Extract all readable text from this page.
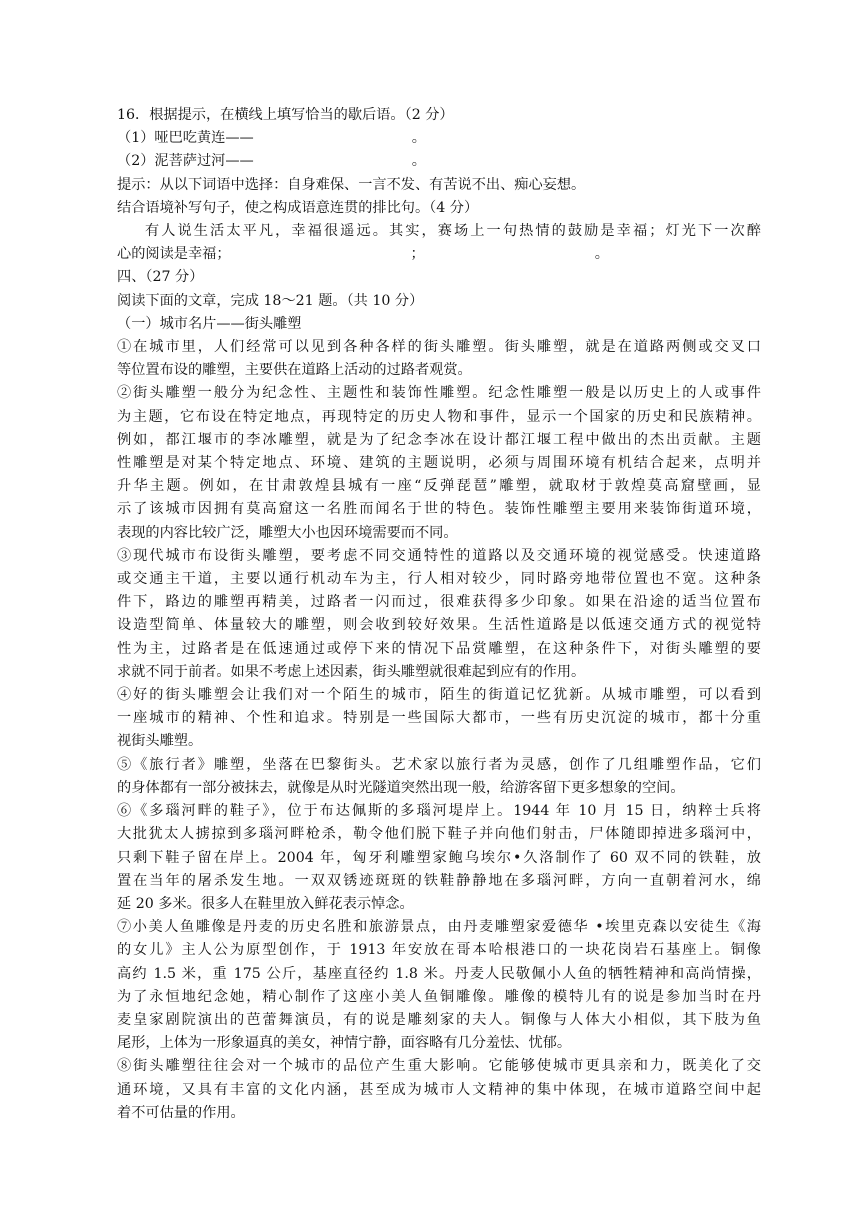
16．根据提示，在横线上填写恰当的歇后语。（2 分）
（1）哑巴吃黄连——	。
（2）泥菩萨过河——	。
提示：从以下词语中选择：自身难保、一言不发、有苦说不出、痴心妄想。
结合语境补写句子，使之构成语意连贯的排比句。（4 分）
有人说生活太平凡，幸福很遥远。其实，赛场上一句热情的鼓励是幸福；灯光下一次醉
心的阅读是幸福；	；	。
四、（27 分）
阅读下面的文章，完成 18～21 题。（共 10 分）
（一）城市名片——街头雕塑
①在城市里，人们经常可以见到各种各样的街头雕塑。街头雕塑，就是在道路两侧或交叉口
等位置布设的雕塑，主要供在道路上活动的过路者观赏。
②街头雕塑一般分为纪念性、主题性和装饰性雕塑。纪念性雕塑一般是以历史上的人或事件
为主题，它布设在特定地点，再现特定的历史人物和事件，显示一个国家的历史和民族精神。
例如，都江堰市的李冰雕塑，就是为了纪念李冰在设计都江堰工程中做出的杰出贡献。主题
性雕塑是对某个特定地点、环境、建筑的主题说明，必须与周围环境有机结合起来，点明并
升华主题。例如，在甘肃敦煌县城有一座“反弹琵琶”雕塑，就取材于敦煌莫高窟壁画，显
示了该城市因拥有莫高窟这一名胜而闻名于世的特色。装饰性雕塑主要用来装饰街道环境，
表现的内容比较广泛，雕塑大小也因环境需要而不同。
③现代城市布设街头雕塑，要考虑不同交通特性的道路以及交通环境的视觉感受。快速道路
或交通主干道，主要以通行机动车为主，行人相对较少，同时路旁地带位置也不宽。这种条
件下，路边的雕塑再精美，过路者一闪而过，很难获得多少印象。如果在沿途的适当位置布
设造型简单、体量较大的雕塑，则会收到较好效果。生活性道路是以低速交通方式的视觉特
性为主，过路者是在低速通过或停下来的情况下品赏雕塑，在这种条件下，对街头雕塑的要
求就不同于前者。如果不考虑上述因素，街头雕塑就很难起到应有的作用。
④好的街头雕塑会让我们对一个陌生的城市，陌生的街道记忆犹新。从城市雕塑，可以看到
一座城市的精神、个性和追求。特别是一些国际大都市，一些有历史沉淀的城市，都十分重
视街头雕塑。
⑤《旅行者》雕塑，坐落在巴黎街头。艺术家以旅行者为灵感，创作了几组雕塑作品，它们
的身体都有一部分被抹去，就像是从时光隧道突然出现一般，给游客留下更多想象的空间。
⑥《多瑙河畔的鞋子》，位于布达佩斯的多瑙河堤岸上。1944 年 10 月 15 日，纳粹士兵将
大批犹太人掳掠到多瑙河畔枪杀，勒令他们脱下鞋子并向他们射击，尸体随即掉进多瑙河中，
只剩下鞋子留在岸上。2004 年，匈牙利雕塑家鲍乌埃尔•久洛制作了 60 双不同的铁鞋，放
置在当年的屠杀发生地。一双双锈迹斑斑的铁鞋静静地在多瑙河畔，方向一直朝着河水，绵
延 20 多米。很多人在鞋里放入鲜花表示悼念。
⑦小美人鱼雕像是丹麦的历史名胜和旅游景点，由丹麦雕塑家爱德华 •埃里克森以安徒生《海
的女儿》主人公为原型创作，于 1913 年安放在哥本哈根港口的一块花岗岩石基座上。铜像
高约 1.5 米，重 175 公斤，基座直径约 1.8 米。丹麦人民敬佩小人鱼的牺牲精神和高尚情操，
为了永恒地纪念她，精心制作了这座小美人鱼铜雕像。雕像的模特儿有的说是参加当时在丹
麦皇家剧院演出的芭蕾舞演员，有的说是雕刻家的夫人。铜像与人体大小相似，其下肢为鱼
尾形，上体为一形象逼真的美女，神情宁静，面容略有几分羞怯、忧郁。
⑧街头雕塑往往会对一个城市的品位产生重大影响。它能够使城市更具亲和力，既美化了交
通环境，又具有丰富的文化内涵，甚至成为城市人文精神的集中体现，在城市道路空间中起
着不可估量的作用。
